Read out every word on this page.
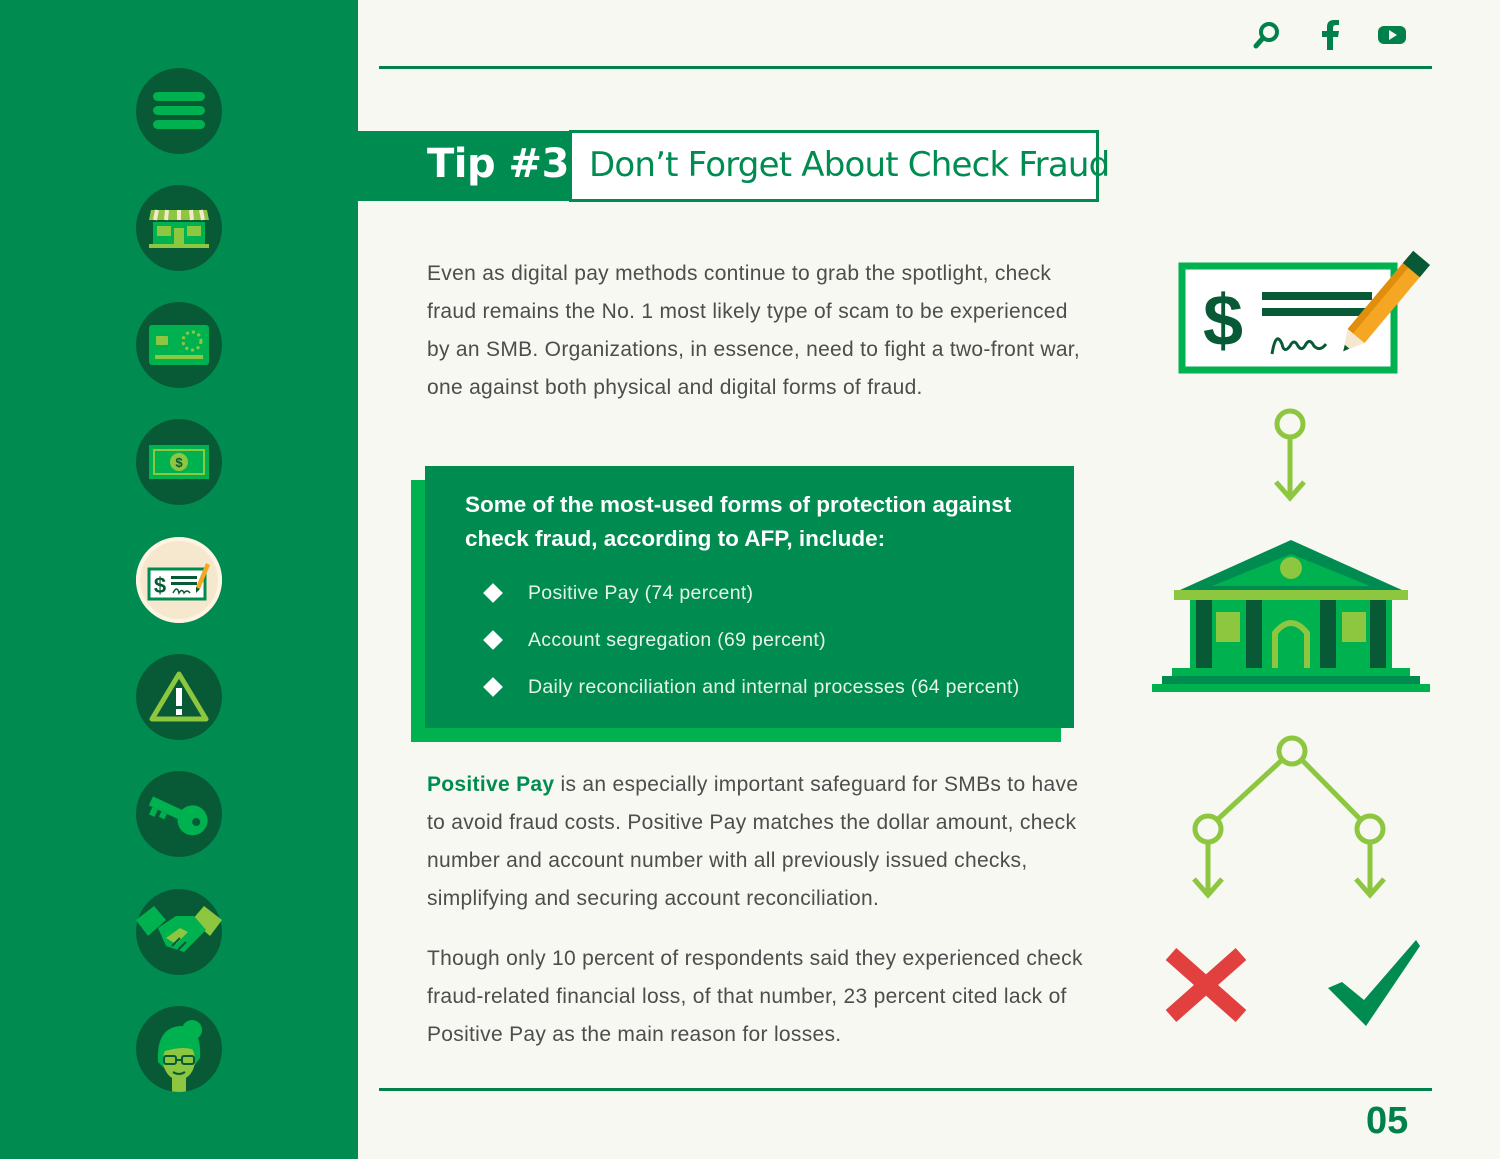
$
$
Tip #3 Don’t Forget About Check Fraud
Even as digital pay methods continue to grab the spotlight, check fraud remains the No. 1 most likely type of scam to be experienced by an SMB. Organizations, in essence, need to fight a two-front war, one against both physical and digital forms of fraud.
Some of the most-used forms of protection against check fraud, according to AFP, include:
Positive Pay (74 percent)
Account segregation (69 percent)
Daily reconciliation and internal processes (64 percent)
Positive Pay is an especially important safeguard for SMBs to have to avoid fraud costs. Positive Pay matches the dollar amount, check number and account number with all previously issued checks, simplifying and securing account reconciliation.
Though only 10 percent of respondents said they experienced check fraud-related financial loss, of that number, 23 percent cited lack of Positive Pay as the main reason for losses.
$
05
